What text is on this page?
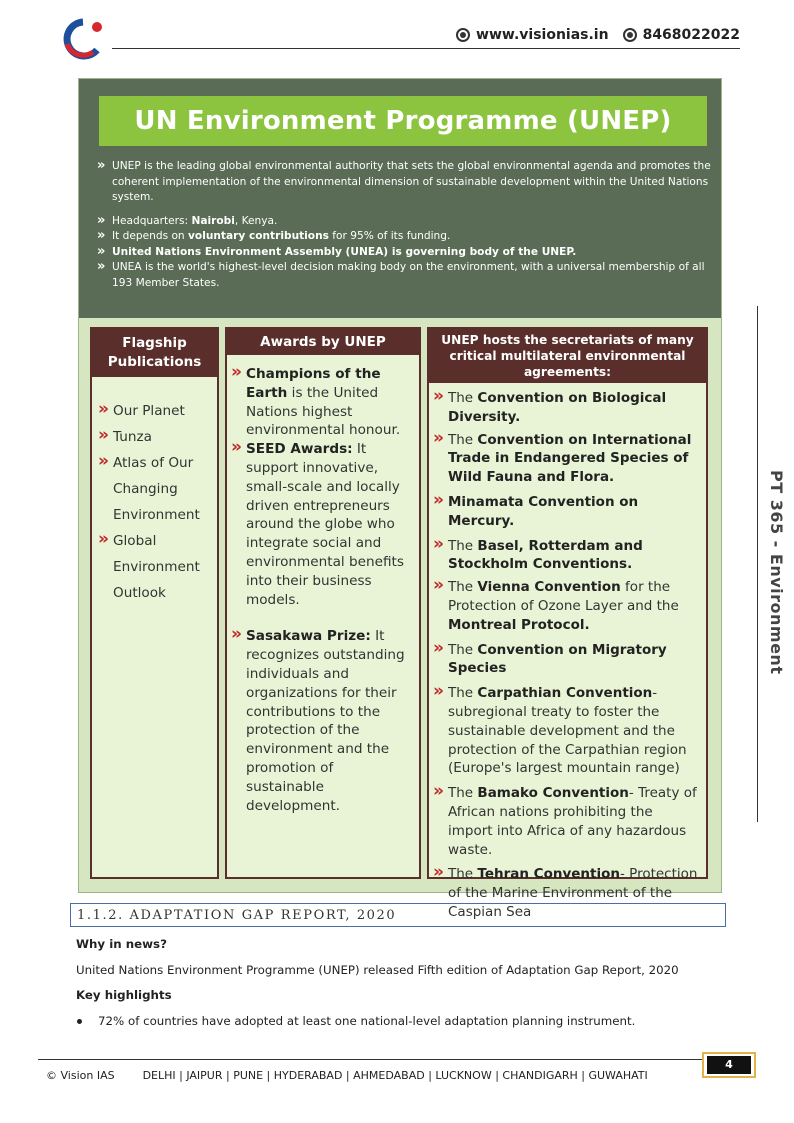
www.visionias.in 8468022022
PT 365 - Environment
UN Environment Programme (UNEP)
» UNEP is the leading global environmental authority that sets the global environmental agenda and promotes the coherent implementation of the environmental dimension of sustainable development within the United Nations system.
» Headquarters: Nairobi, Kenya.
» It depends on voluntary contributions for 95% of its funding.
» United Nations Environment Assembly (UNEA) is governing body of the UNEP.
» UNEA is the world's highest-level decision making body on the environment, with a universal membership of all 193 Member States.
Flagship Publications
» Our Planet
» Tunza
» Atlas of Our Changing Environment
» Global Environment Outlook
Awards by UNEP
» Champions of the Earth is the United Nations highest environmental honour.
» SEED Awards: It support innovative, small-scale and locally driven entrepreneurs around the globe who integrate social and environmental benefits into their business models.
» Sasakawa Prize: It recognizes outstanding individuals and organizations for their contributions to the protection of the environment and the promotion of sustainable development.
UNEP hosts the secretariats of many critical multilateral environmental agreements:
» The Convention on Biological Diversity.
» The Convention on International Trade in Endangered Species of Wild Fauna and Flora.
» Minamata Convention on Mercury.
» The Basel, Rotterdam and Stockholm Conventions.
» The Vienna Convention for the Protection of Ozone Layer and the Montreal Protocol.
» The Convention on Migratory Species
» The Carpathian Convention- subregional treaty to foster the sustainable development and the protection of the Carpathian region (Europe's largest mountain range)
» The Bamako Convention- Treaty of African nations prohibiting the import into Africa of any hazardous waste.
» The Tehran Convention- Protection of the Marine Environment of the Caspian Sea
1.1.2. ADAPTATION GAP REPORT, 2020
Why in news?
United Nations Environment Programme (UNEP) released Fifth edition of Adaptation Gap Report, 2020
Key highlights
72% of countries have adopted at least one national-level adaptation planning instrument.
© Vision IAS	DELHI | JAIPUR | PUNE | HYDERABAD | AHMEDABAD | LUCKNOW | CHANDIGARH | GUWAHATI
4
